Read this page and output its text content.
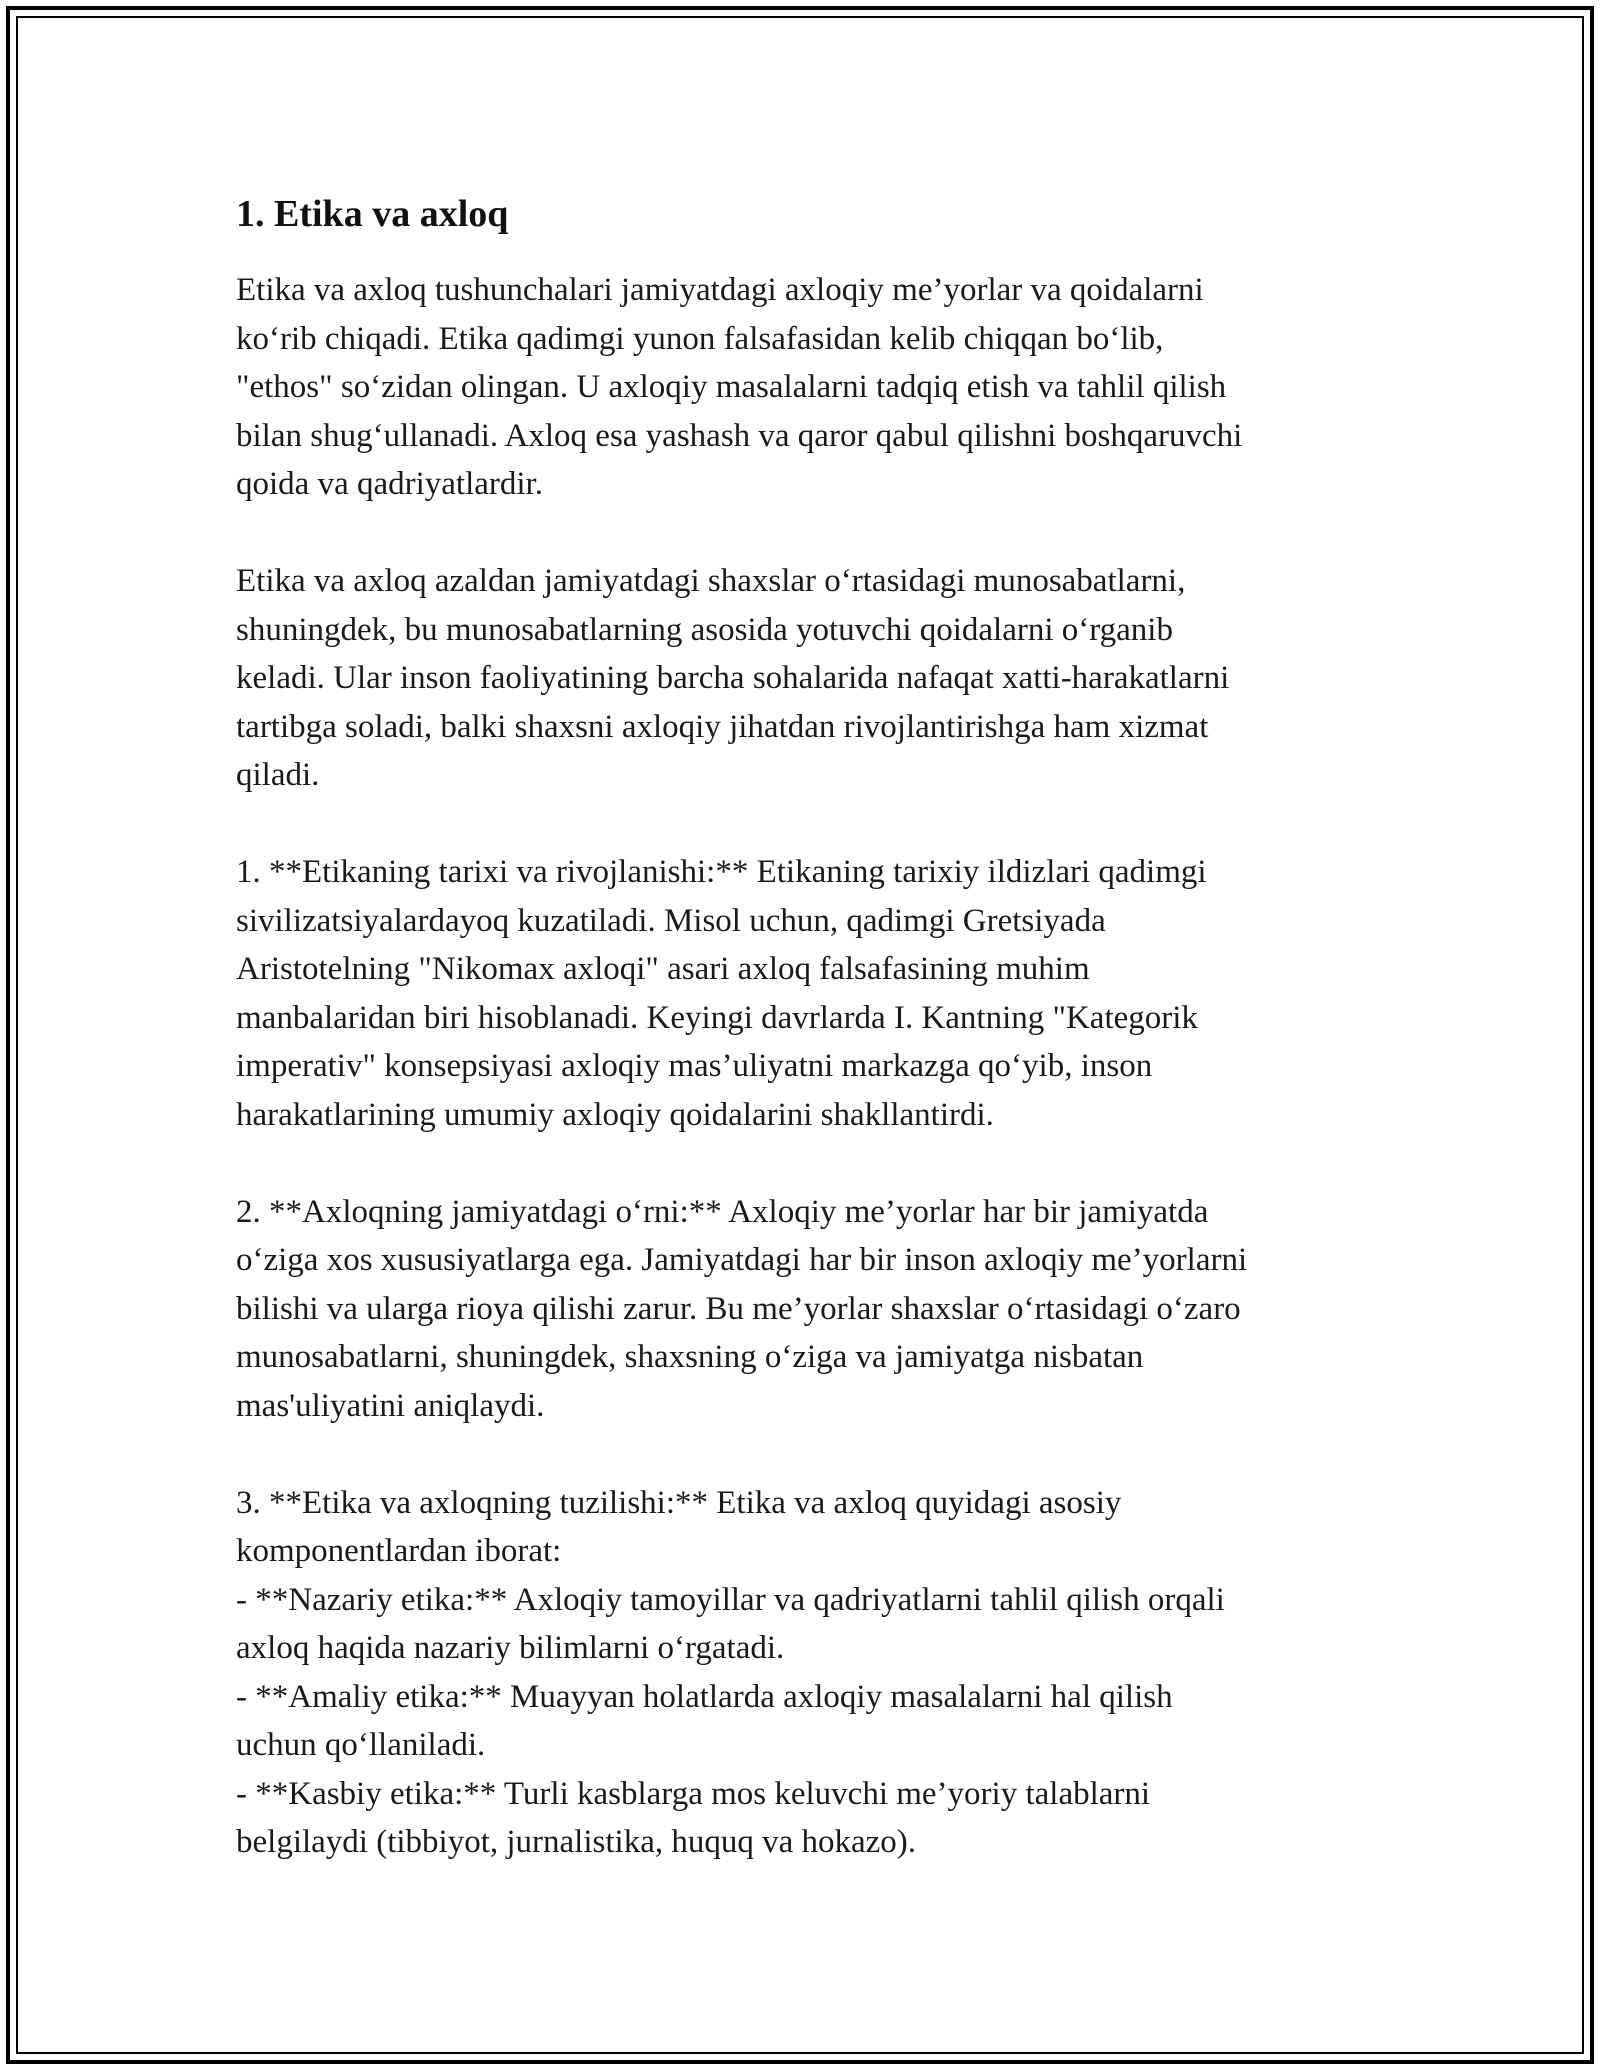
1. Etika va axloq

Etika va axloq tushunchalari jamiyatdagi axloqiy me’yorlar va qoidalarni
ko‘rib chiqadi. Etika qadimgi yunon falsafasidan kelib chiqqan bo‘lib,
"ethos" so‘zidan olingan. U axloqiy masalalarni tadqiq etish va tahlil qilish
bilan shug‘ullanadi. Axloq esa yashash va qaror qabul qilishni boshqaruvchi
qoida va qadriyatlardir.

Etika va axloq azaldan jamiyatdagi shaxslar o‘rtasidagi munosabatlarni,
shuningdek, bu munosabatlarning asosida yotuvchi qoidalarni o‘rganib
keladi. Ular inson faoliyatining barcha sohalarida nafaqat xatti-harakatlarni
tartibga soladi, balki shaxsni axloqiy jihatdan rivojlantirishga ham xizmat
qiladi.

1. **Etikaning tarixi va rivojlanishi:** Etikaning tarixiy ildizlari qadimgi
sivilizatsiyalardayoq kuzatiladi. Misol uchun, qadimgi Gretsiyada
Aristotelning "Nikomax axloqi" asari axloq falsafasining muhim
manbalaridan biri hisoblanadi. Keyingi davrlarda I. Kantning "Kategorik
imperativ" konsepsiyasi axloqiy mas’uliyatni markazga qo‘yib, inson
harakatlarining umumiy axloqiy qoidalarini shakllantirdi.

2. **Axloqning jamiyatdagi o‘rni:** Axloqiy me’yorlar har bir jamiyatda
o‘ziga xos xususiyatlarga ega. Jamiyatdagi har bir inson axloqiy me’yorlarni
bilishi va ularga rioya qilishi zarur. Bu me’yorlar shaxslar o‘rtasidagi o‘zaro
munosabatlarni, shuningdek, shaxsning o‘ziga va jamiyatga nisbatan
mas'uliyatini aniqlaydi.

3. **Etika va axloqning tuzilishi:** Etika va axloq quyidagi asosiy
komponentlardan iborat:
- **Nazariy etika:** Axloqiy tamoyillar va qadriyatlarni tahlil qilish orqali
axloq haqida nazariy bilimlarni o‘rgatadi.
- **Amaliy etika:** Muayyan holatlarda axloqiy masalalarni hal qilish
uchun qo‘llaniladi.
- **Kasbiy etika:** Turli kasblarga mos keluvchi me’yoriy talablarni
belgilaydi (tibbiyot, jurnalistika, huquq va hokazo).
